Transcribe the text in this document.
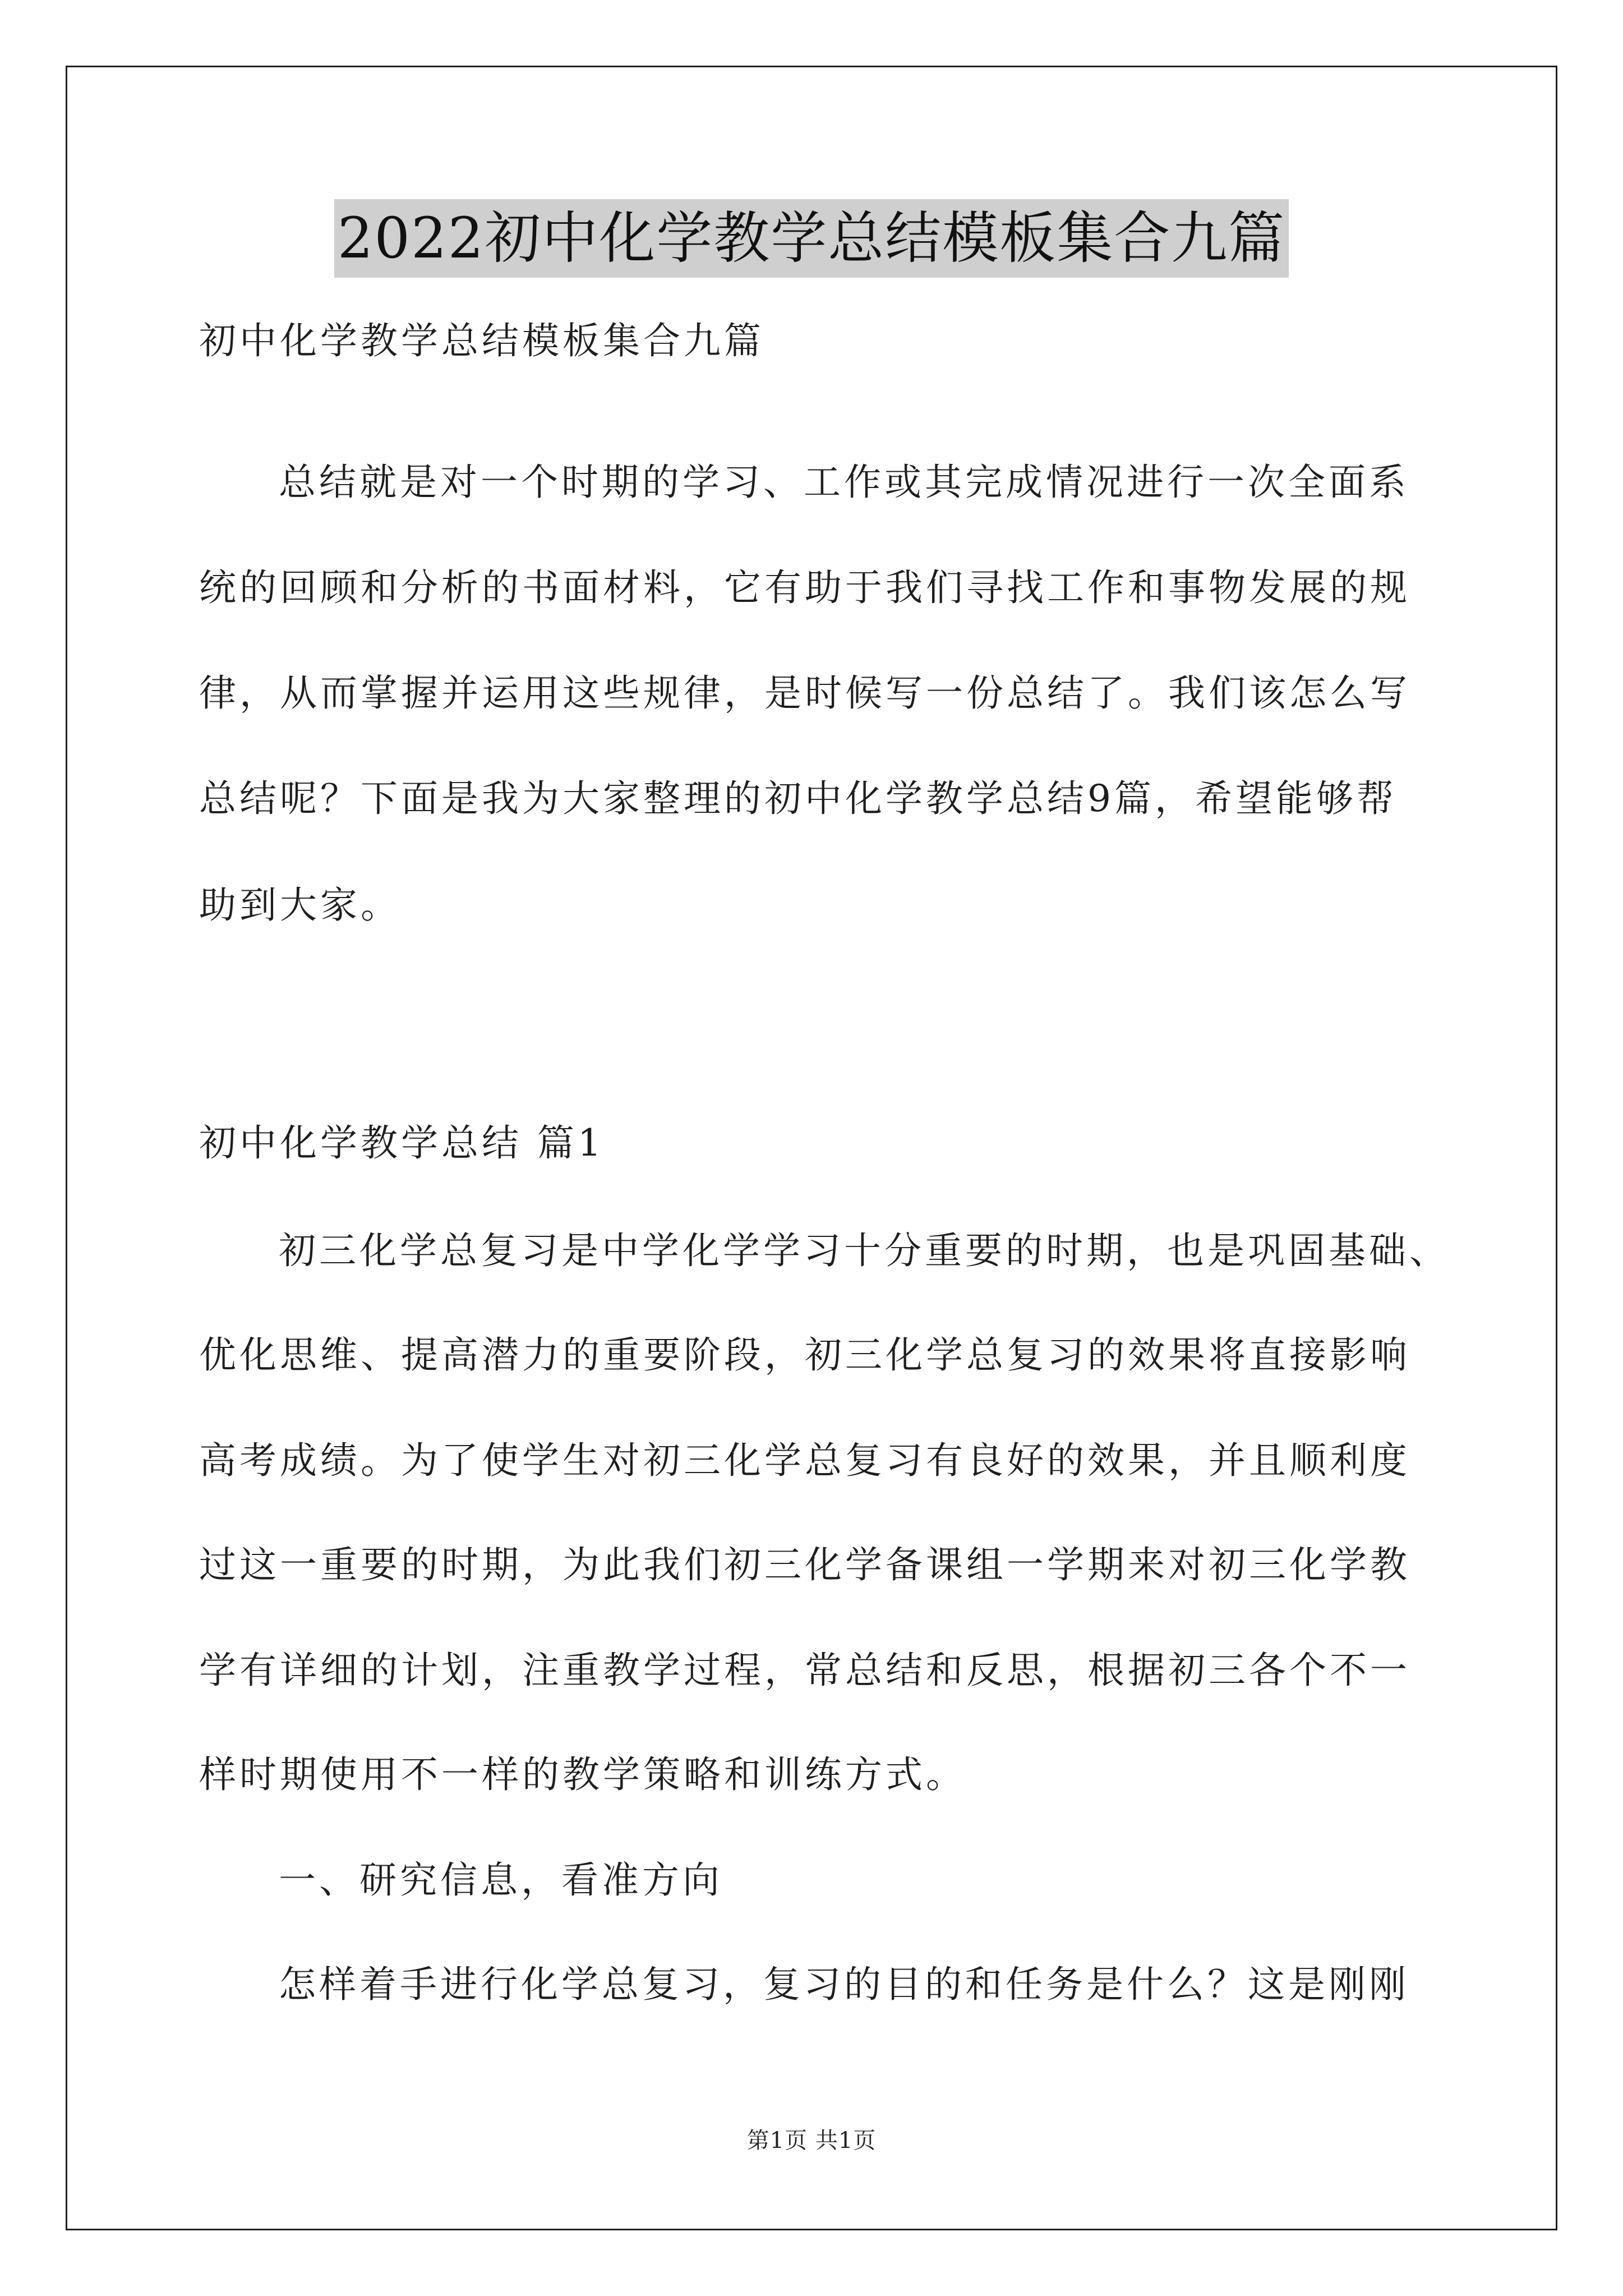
2022初中化学教学总结模板集合九篇
初中化学教学总结模板集合九篇
总结就是对一个时期的学习、工作或其完成情况进行一次全面系
统的回顾和分析的书面材料，它有助于我们寻找工作和事物发展的规
律，从而掌握并运用这些规律，是时候写一份总结了。我们该怎么写
总结呢？下面是我为大家整理的初中化学教学总结9篇，希望能够帮
助到大家。
初中化学教学总结 篇1
初三化学总复习是中学化学学习十分重要的时期，也是巩固基础、
优化思维、提高潜力的重要阶段，初三化学总复习的效果将直接影响
高考成绩。为了使学生对初三化学总复习有良好的效果，并且顺利度
过这一重要的时期，为此我们初三化学备课组一学期来对初三化学教
学有详细的计划，注重教学过程，常总结和反思，根据初三各个不一
样时期使用不一样的教学策略和训练方式。
一、研究信息，看准方向
怎样着手进行化学总复习，复习的目的和任务是什么？这是刚刚
第1页 共1页
